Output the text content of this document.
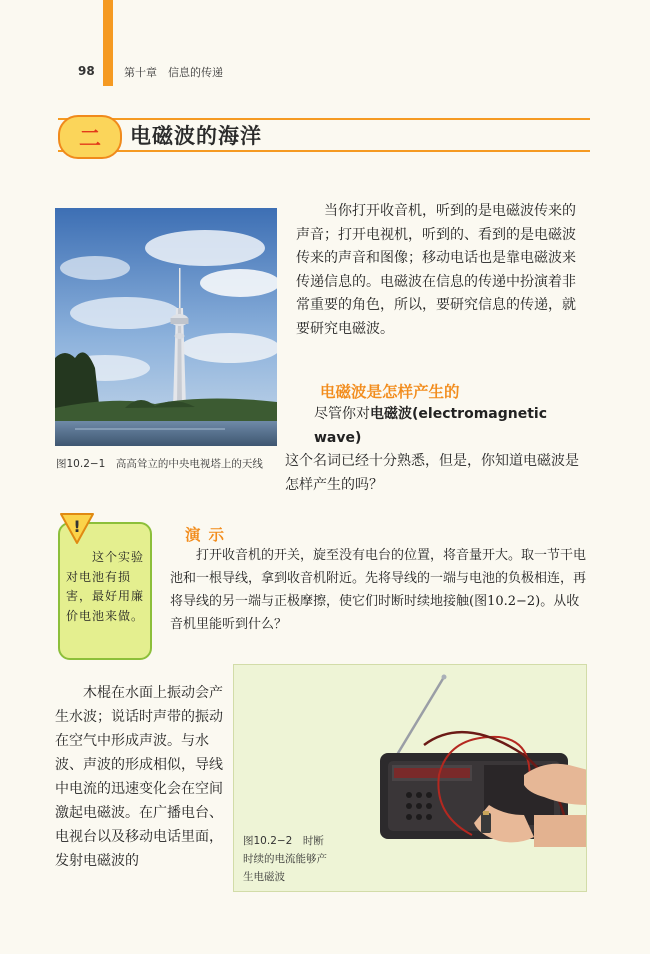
98	第十章　信息的传递
二	电磁波的海洋
图10.2−1　高高耸立的中央电视塔上的天线

当你打开收音机，听到的是电磁波传来的声音；打开电视机，听到的、看到的是电磁波传来的声音和图像；移动电话也是靠电磁波来传递信息的。电磁波在信息的传递中扮演着非常重要的角色，所以，要研究信息的传递，就要研究电磁波。

电磁波是怎样产生的

尽管你对电磁波(electromagnetic wave)
这个名词已经十分熟悉，但是，你知道电磁波是怎样产生的吗？

!

这个实验对电池有损害，最好用廉价电池来做。

演示

打开收音机的开关，旋至没有电台的位置，将音量开大。取一节干电池和一根导线，拿到收音机附近。先将导线的一端与电池的负极相连，再将导线的另一端与正极摩擦，使它们时断时续地接触(图10.2−2)。从收音机里能听到什么？

木棍在水面上振动会产生水波；说话时声带的振动在空气中形成声波。与水波、声波的形成相似，导线中电流的迅速变化会在空间激起电磁波。在广播电台、电视台以及移动电话里面，发射电磁波的

图10.2−2　时断时续的电流能够产生电磁波
